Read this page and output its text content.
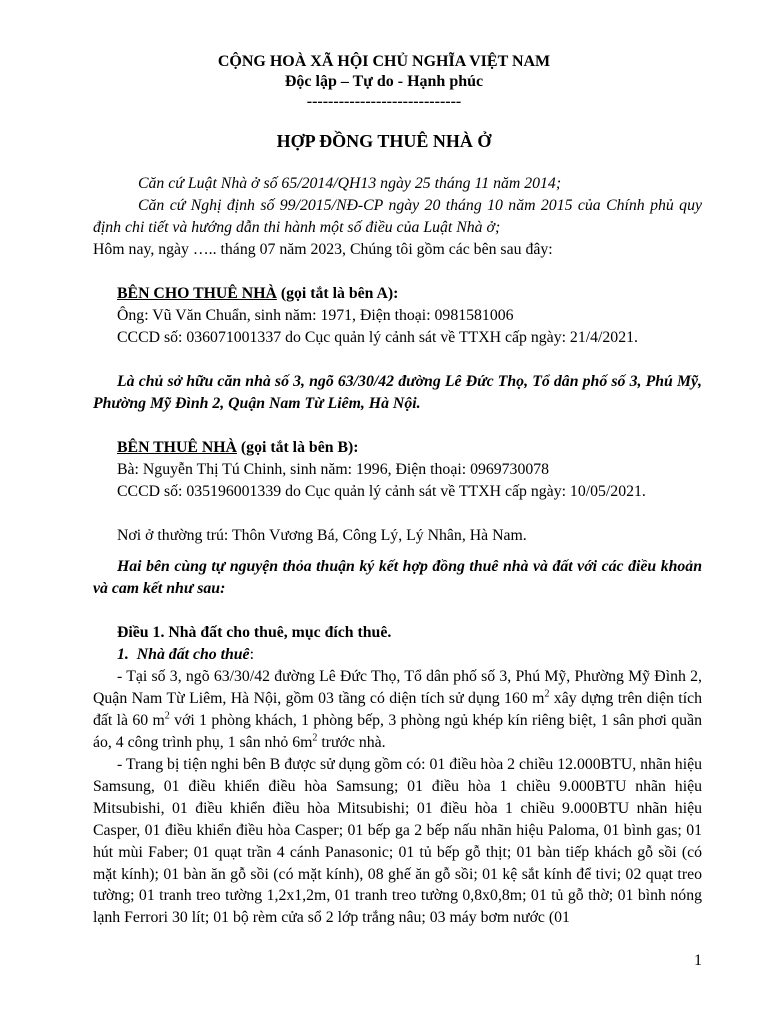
CỘNG HOÀ XÃ HỘI CHỦ NGHĨA VIỆT NAM
Độc lập – Tự do - Hạnh phúc
-----------------------------
HỢP ĐỒNG THUÊ NHÀ Ở
Căn cứ Luật Nhà ở số 65/2014/QH13 ngày 25 tháng 11 năm 2014;
Căn cứ Nghị định số 99/2015/NĐ-CP ngày 20 tháng 10 năm 2015 của Chính phủ quy định chi tiết và hướng dẫn thi hành một số điều của Luật Nhà ở;
Hôm nay, ngày ….. tháng 07 năm 2023, Chúng tôi gồm các bên sau đây:
BÊN CHO THUÊ NHÀ (gọi tắt là bên A):
Ông: Vũ Văn Chuẩn, sinh năm: 1971, Điện thoại: 0981581006
CCCD số: 036071001337 do Cục quản lý cảnh sát về TTXH cấp ngày: 21/4/2021.
Là chủ sở hữu căn nhà số 3, ngõ 63/30/42 đường Lê Đức Thọ, Tổ dân phố số 3, Phú Mỹ, Phường Mỹ Đình 2, Quận Nam Từ Liêm, Hà Nội.
BÊN THUÊ NHÀ (gọi tắt là bên B):
Bà: Nguyễn Thị Tú Chinh, sinh năm: 1996, Điện thoại: 0969730078
CCCD số: 035196001339 do Cục quản lý cảnh sát về TTXH cấp ngày: 10/05/2021.
Nơi ở thường trú: Thôn Vương Bá, Công Lý, Lý Nhân, Hà Nam.
Hai bên cùng tự nguyện thỏa thuận ký kết hợp đồng thuê nhà và đất với các điều khoản và cam kết như sau:
Điều 1. Nhà đất cho thuê, mục đích thuê.
1. Nhà đất cho thuê:
- Tại số 3, ngõ 63/30/42 đường Lê Đức Thọ, Tổ dân phố số 3, Phú Mỹ, Phường Mỹ Đình 2, Quận Nam Từ Liêm, Hà Nội, gồm 03 tầng có diện tích sử dụng 160 $m^2$ xây dựng trên diện tích đất là 60 $m^2$ với 1 phòng khách, 1 phòng bếp, 3 phòng ngủ khép kín riêng biệt, 1 sân phơi quần áo, 4 công trình phụ, 1 sân nhỏ $6m^2$ trước nhà.
- Trang bị tiện nghi bên B được sử dụng gồm có: 01 điều hòa 2 chiều 12.000BTU, nhãn hiệu Samsung, 01 điều khiển điều hòa Samsung; 01 điều hòa 1 chiều 9.000BTU nhãn hiệu Mitsubishi, 01 điều khiển điều hòa Mitsubishi; 01 điều hòa 1 chiều 9.000BTU nhãn hiệu Casper, 01 điều khiển điều hòa Casper; 01 bếp ga 2 bếp nấu nhãn hiệu Paloma, 01 bình gas; 01 hút mùi Faber; 01 quạt trần 4 cánh Panasonic; 01 tủ bếp gỗ thịt; 01 bàn tiếp khách gỗ sồi (có mặt kính); 01 bàn ăn gỗ sồi (có mặt kính), 08 ghế ăn gỗ sồi; 01 kệ sắt kính để tivi; 02 quạt treo tường; 01 tranh treo tường 1,2x1,2m, 01 tranh treo tường 0,8x0,8m; 01 tủ gỗ thờ; 01 bình nóng lạnh Ferrori 30 lít; 01 bộ rèm cửa sổ 2 lớp trắng nâu; 03 máy bơm nước (01
1
